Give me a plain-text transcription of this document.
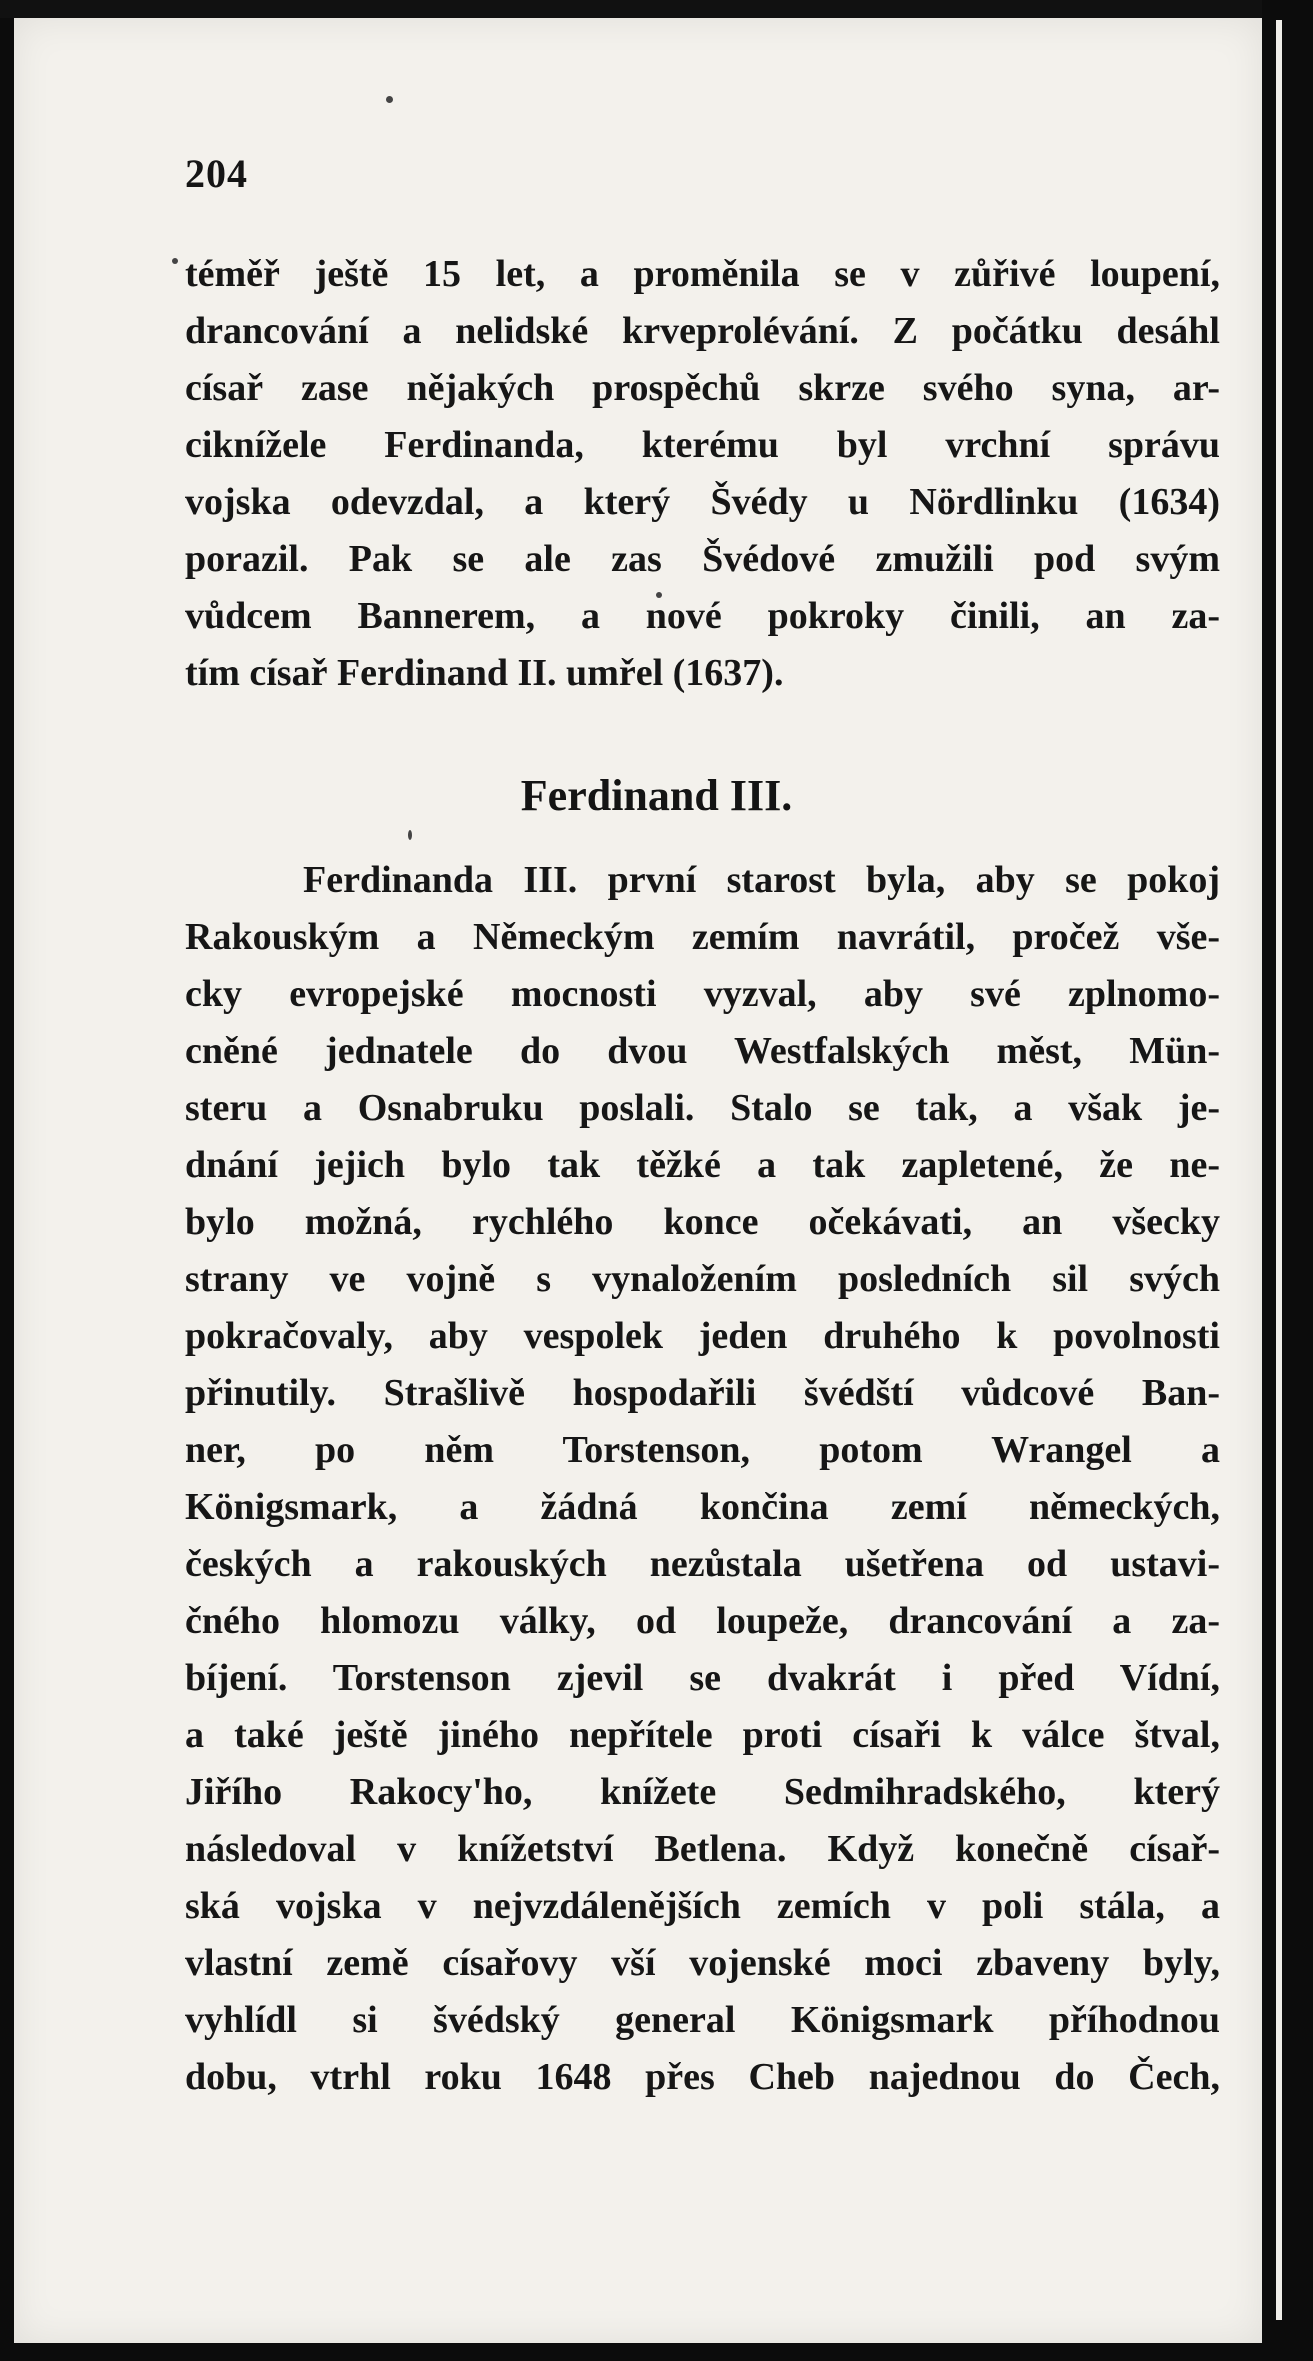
204
téměř ještě 15 let, a proměnila se v zůřivé loupení,
drancování a nelidské krveprolévání. Z počátku desáhl
císař zase nějakých prospěchů skrze svého syna, ar-
cikníželе Ferdinanda, kterému byl vrchní správu
vojska odevzdal, a který Švédy u Nördlinku (1634)
porazil. Pak se ale zas Švédové zmužili pod svým
vůdcem Bannerem, a nové pokroky činili, an za-
tím císař Ferdinand II. umřel (1637).
Ferdinand III.
Ferdinanda III. první starost byla, aby se pokoj
Rakouským a Německým zemím navrátil, pročež vše-
cky evropejské mocnosti vyzval, aby své zplnomo-
cněné jednatele do dvou Westfalských měst, Mün-
steru a Osnabruku poslali. Stalo se tak, a však je-
dnání jejich bylo tak těžké a tak zapletené, že ne-
bylo možná, rychlého konce očekávati, an všecky
strany ve vojně s vynaložením posledních sil svých
pokračovaly, aby vespolek jeden druhého k povolnosti
přinutily. Strašlivě hospodařili švédští vůdcové Ban-
ner, po něm Torstenson, potom Wrangel a
Königsmark, a žádná končina zemí německých,
českých a rakouských nezůstala ušetřena od ustavi-
čného hlomozu války, od loupeže, drancování a za-
bíjení. Torstenson zjevil se dvakrát i před Vídní,
a také ještě jiného nepřítele proti císaři k válce štval,
Jiřího Rakocy'ho, knížete Sedmihradského, který
následoval v knížetství Betlena. Když konečně císař-
ská vojska v nejvzdálenějších zemích v poli stála, a
vlastní země císařovy vší vojenské moci zbaveny byly,
vyhlídl si švédský general Königsmark příhodnou
dobu, vtrhl roku 1648 přes Cheb najednou do Čech,
